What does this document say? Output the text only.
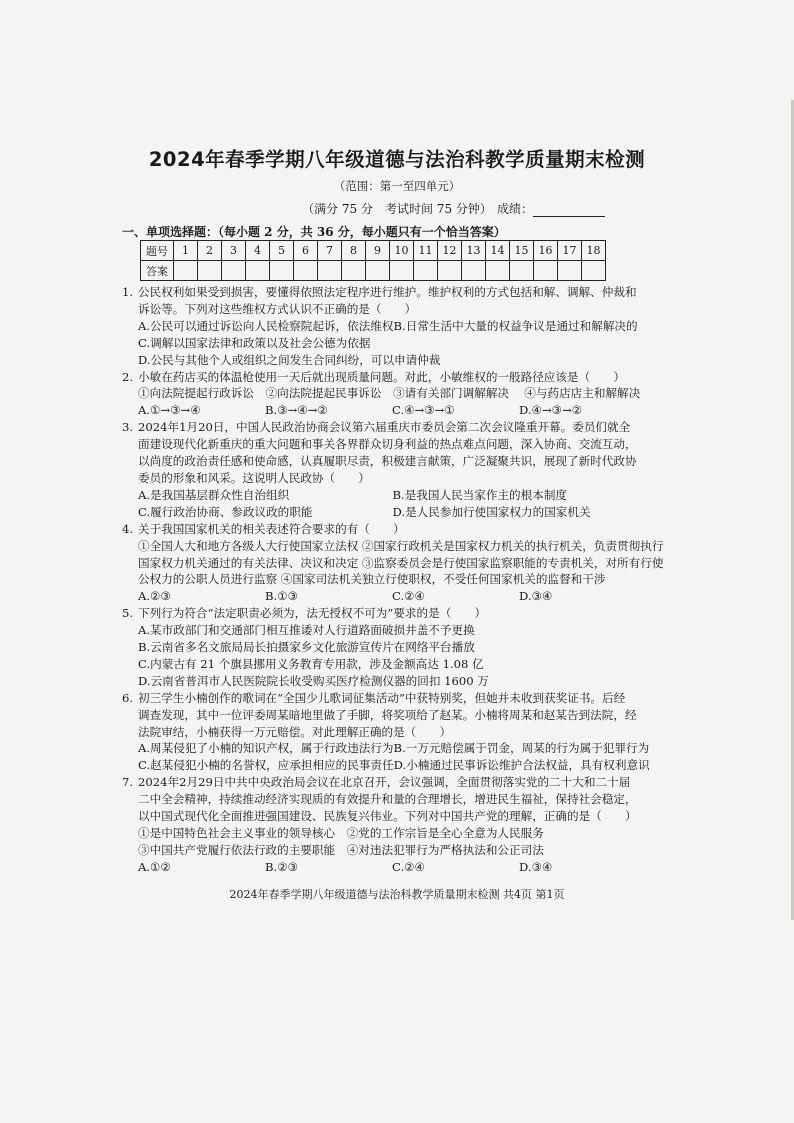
2024年春季学期八年级道德与法治科教学质量期末检测
（范围：第一至四单元）
（满分 75 分　考试时间 75 分钟） 成绩：
一、单项选择题：（每小题 2 分，共 36 分，每小题只有一个恰当答案）
题号	1	2	3	4	5	6	7	8	9	10	11	12	13	14	15	16	17	18
答案																		
1. 公民权利如果受到损害，要懂得依照法定程序进行维护。维护权利的方式包括和解、调解、仲裁和
诉讼等。下列对这些维权方式认识不正确的是（　　）
A.公民可以通过诉讼向人民检察院起诉，依法维权 B.日常生活中大量的权益争议是通过和解解决的
C.调解以国家法律和政策以及社会公德为依据
D.公民与其他个人或组织之间发生合同纠纷，可以申请仲裁
2. 小敏在药店买的体温枪使用一天后就出现质量问题。对此，小敏维权的一般路径应该是（　　）
①向法院提起行政诉讼　②向法院提起民事诉讼　③请有关部门调解解决　 ④与药店店主和解解决
A.①→③→④	B.③→④→②	C.④→③→①	D.④→③→②
3. 2024年1月20日，中国人民政治协商会议第六届重庆市委员会第二次会议隆重开幕。委员们就全
面建设现代化新重庆的重大问题和事关各界群众切身利益的热点难点问题，深入协商、交流互动，
以尚度的政治责任感和使命感，认真履职尽责，积极建言献策，广泛凝聚共识，展现了新时代政协
委员的形象和风采。这说明人民政协（　　）
A.是我国基层群众性自治组织	B.是我国人民当家作主的根本制度
C.履行政治协商、参政议政的职能	D.是人民参加行使国家权力的国家机关
4. 关于我国国家机关的相关表述符合要求的有（　　）
①全国人大和地方各级人大行使国家立法权 ②国家行政机关是国家权力机关的执行机关，负责贯彻执行
国家权力机关通过的有关法律、决议和决定 ③监察委员会是行使国家监察职能的专责机关，对所有行使
公权力的公职人员进行监察 ④国家司法机关独立行使职权，不受任何国家机关的监督和干涉
A.②③	B.①③	C.②④	D.③④
5. 下列行为符合“法定职责必须为，法无授权不可为”要求的是（　　）
A.某市政部门和交通部门相互推诿对人行道路面破损井盖不予更换
B.云南省多名文旅局局长拍摄家乡文化旅游宣传片在网络平台播放
C.内蒙古有 21 个旗县挪用义务教育专用款，涉及金额高达 1.08 亿
D.云南省普洱市人民医院院长收受购买医疗检测仪器的回扣 1600 万
6. 初三学生小楠创作的歌词在“全国少儿歌词征集活动”中获特别奖，但她并未收到获奖证书。后经
调查发现，其中一位评委周某暗地里做了手脚，将奖项给了赵某。小楠将周某和赵某告到法院，经
法院审结，小楠获得一万元赔偿。对此理解正确的是（　　）
A.周某侵犯了小楠的知识产权，属于行政违法行为 B.一万元赔偿属于罚金，周某的行为属于犯罪行为
C.赵某侵犯小楠的名誉权，应承担相应的民事责任 D.小楠通过民事诉讼维护合法权益，具有权利意识
7. 2024年2月29日中共中央政治局会议在北京召开，会议强调，全面贯彻落实党的二十大和二十届
二中全会精神，持续推动经济实现质的有效提升和量的合理增长，增进民生福祉，保持社会稳定，
以中国式现代化全面推进强国建设、民族复兴伟业。下列对中国共产党的理解，正确的是（　　）
①是中国特色社会主义事业的领导核心　②党的工作宗旨是全心全意为人民服务
③中国共产党履行依法行政的主要职能　④对违法犯罪行为严格执法和公正司法
A.①②	B.②③	C.②④	D.③④
2024年春季学期八年级道德与法治科教学质量期末检测 共4页 第1页
